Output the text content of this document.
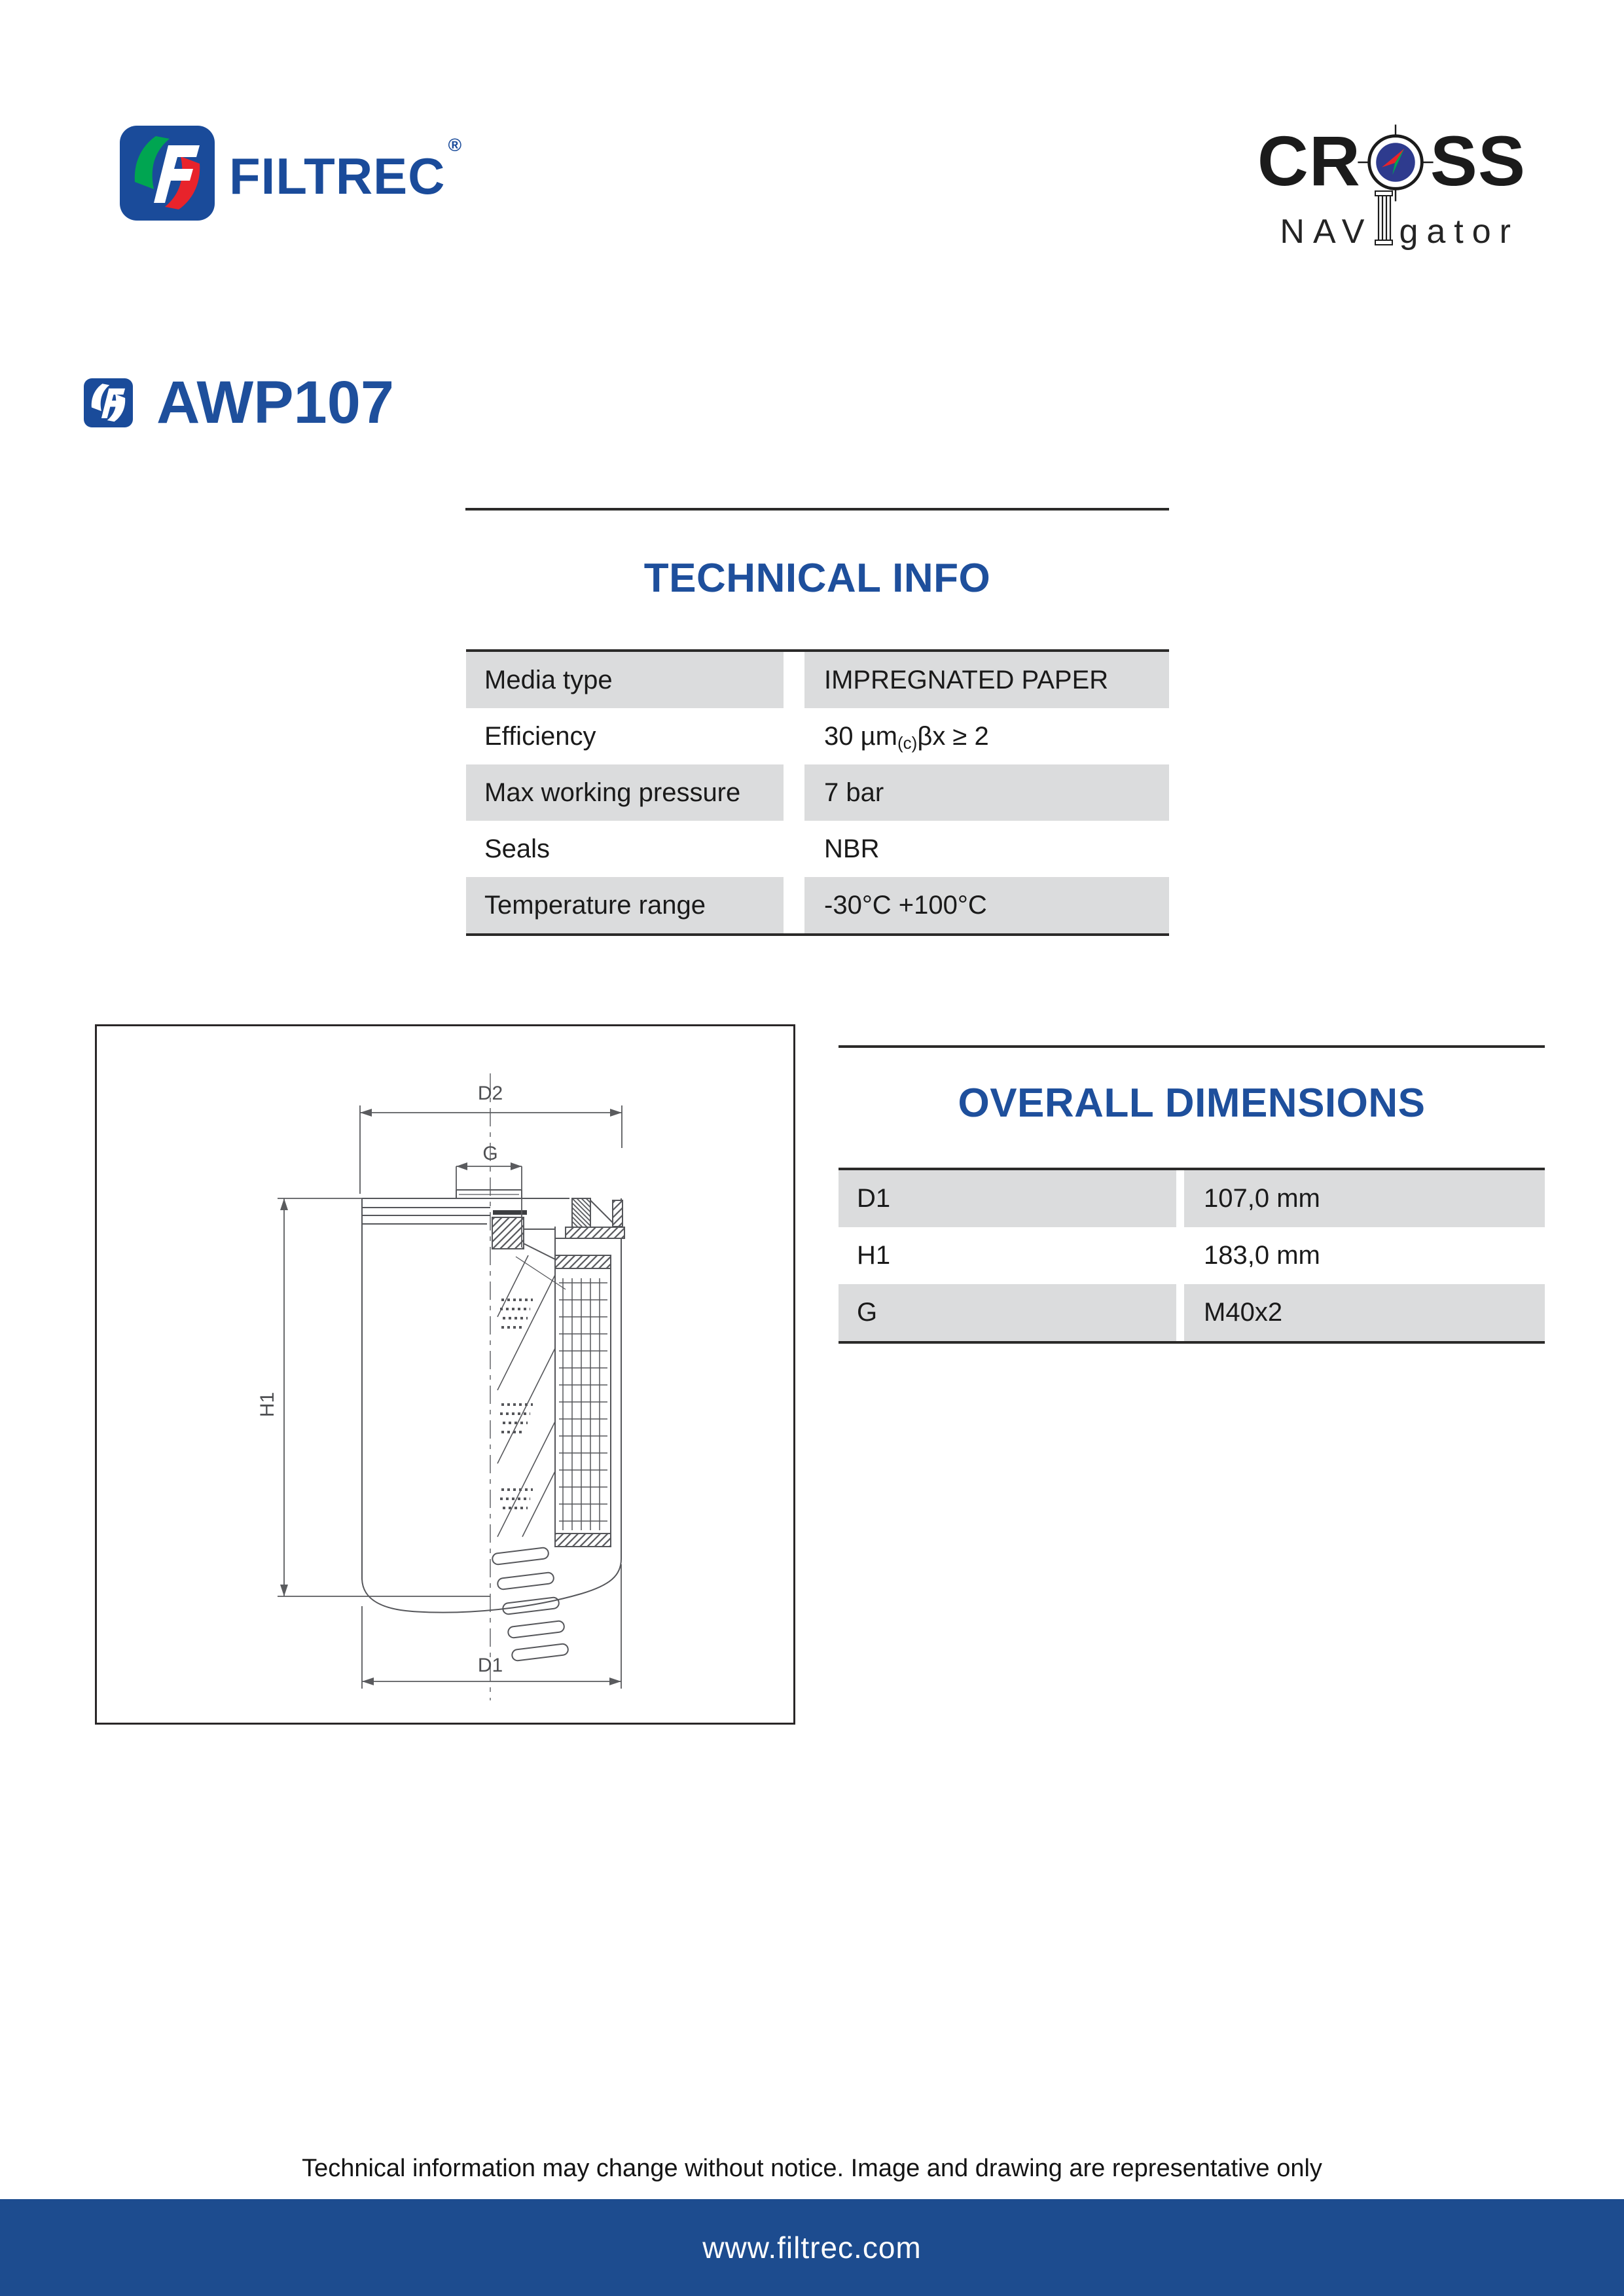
FILTREC®	CR SS
NAV gator
AWP107
TECHNICAL INFO
Media type	IMPREGNATED PAPER
Efficiency	30 µm$_{(c)}$ βx ≥ 2
Max working pressure	7 bar
Seals	NBR
Temperature range	-30°C +100°C
OVERALL DIMENSIONS
D1	107,0 mm
H1	183,0 mm
G	M40x2
D2
G
H1
D1
Technical information may change without notice. Image and drawing are representative only
www.filtrec.com
